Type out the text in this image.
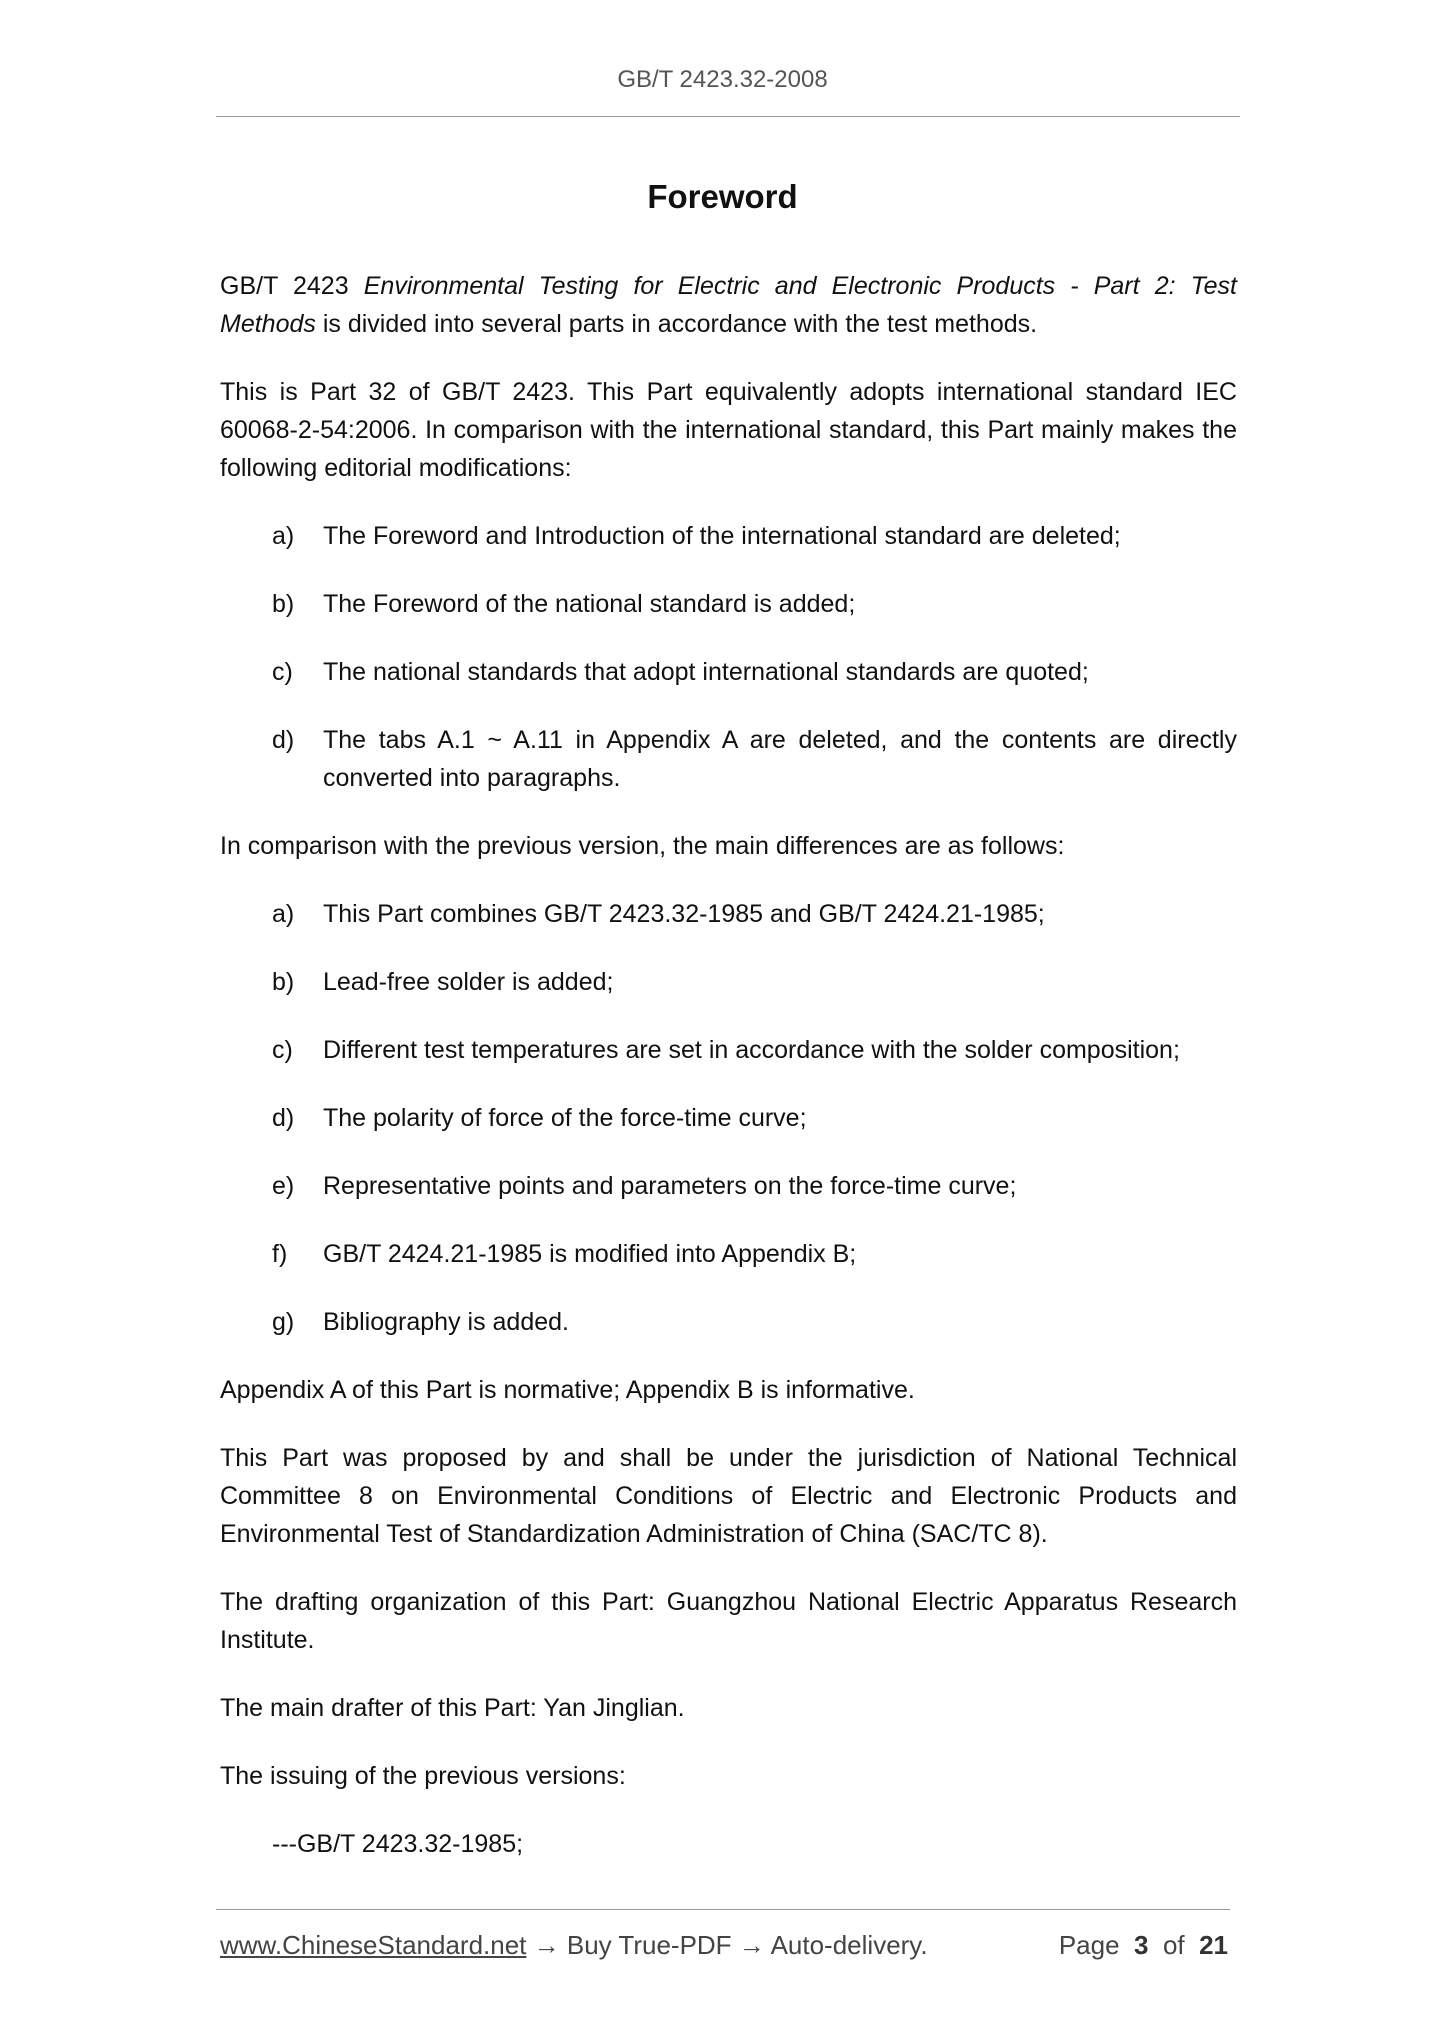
GB/T 2423.32-2008
Foreword

GB/T 2423 Environmental Testing for Electric and Electronic Products - Part 2: Test Methods is divided into several parts in accordance with the test methods.

This is Part 32 of GB/T 2423. This Part equivalently adopts international standard IEC 60068-2-54:2006. In comparison with the international standard, this Part mainly makes the following editorial modifications:

a) The Foreword and Introduction of the international standard are deleted;
b) The Foreword of the national standard is added;
c) The national standards that adopt international standards are quoted;
d) The tabs A.1 ~ A.11 in Appendix A are deleted, and the contents are directly converted into paragraphs.

In comparison with the previous version, the main differences are as follows:

a) This Part combines GB/T 2423.32-1985 and GB/T 2424.21-1985;
b) Lead-free solder is added;
c) Different test temperatures are set in accordance with the solder composition;
d) The polarity of force of the force-time curve;
e) Representative points and parameters on the force-time curve;
f) GB/T 2424.21-1985 is modified into Appendix B;
g) Bibliography is added.

Appendix A of this Part is normative; Appendix B is informative.

This Part was proposed by and shall be under the jurisdiction of National Technical Committee 8 on Environmental Conditions of Electric and Electronic Products and Environmental Test of Standardization Administration of China (SAC/TC 8).

The drafting organization of this Part: Guangzhou National Electric Apparatus Research Institute.

The main drafter of this Part: Yan Jinglian.

The issuing of the previous versions:

---GB/T 2423.32-1985;

www.ChineseStandard.net → Buy True-PDF → Auto-delivery.	Page 3 of 21
